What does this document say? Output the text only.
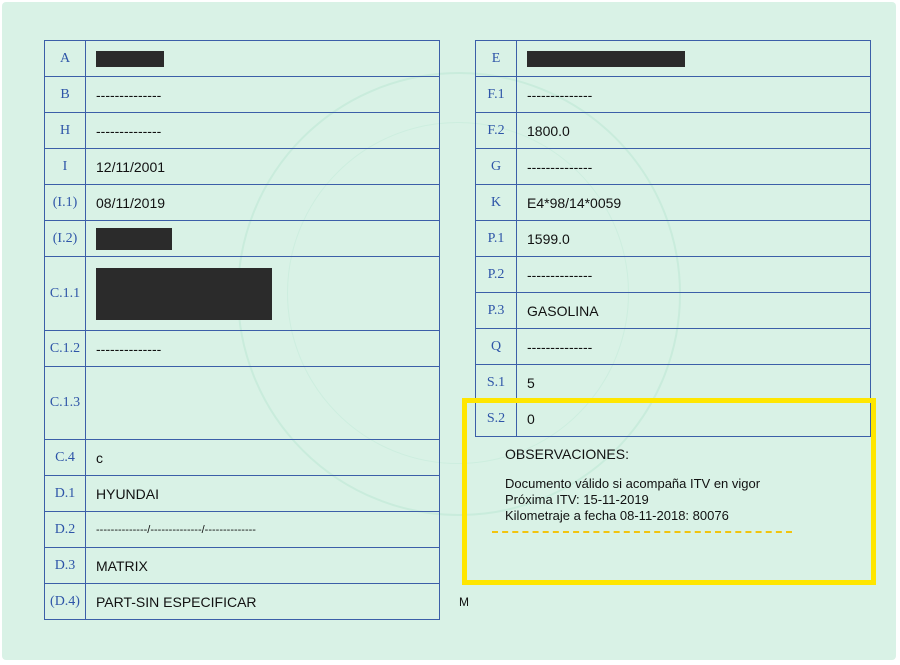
A	
B	--------------
H	--------------
I	12/11/2001
(I.1)	08/11/2019
(I.2)	
C.1.1	
C.1.2	--------------
C.1.3	
C.4	c
D.1	HYUNDAI
D.2	--------------/--------------/--------------
D.3	MATRIX
(D.4)	PART-SIN ESPECIFICAR
E	
F.1	--------------
F.2	1800.0
G	--------------
K	E4*98/14*0059
P.1	1599.0
P.2	--------------
P.3	GASOLINA
Q	--------------
S.1	5
S.2	0
OBSERVACIONES:
Documento válido si acompaña ITV en vigor
Próxima ITV: 15-11-2019
Kilometraje a fecha 08-11-2018: 80076
M
